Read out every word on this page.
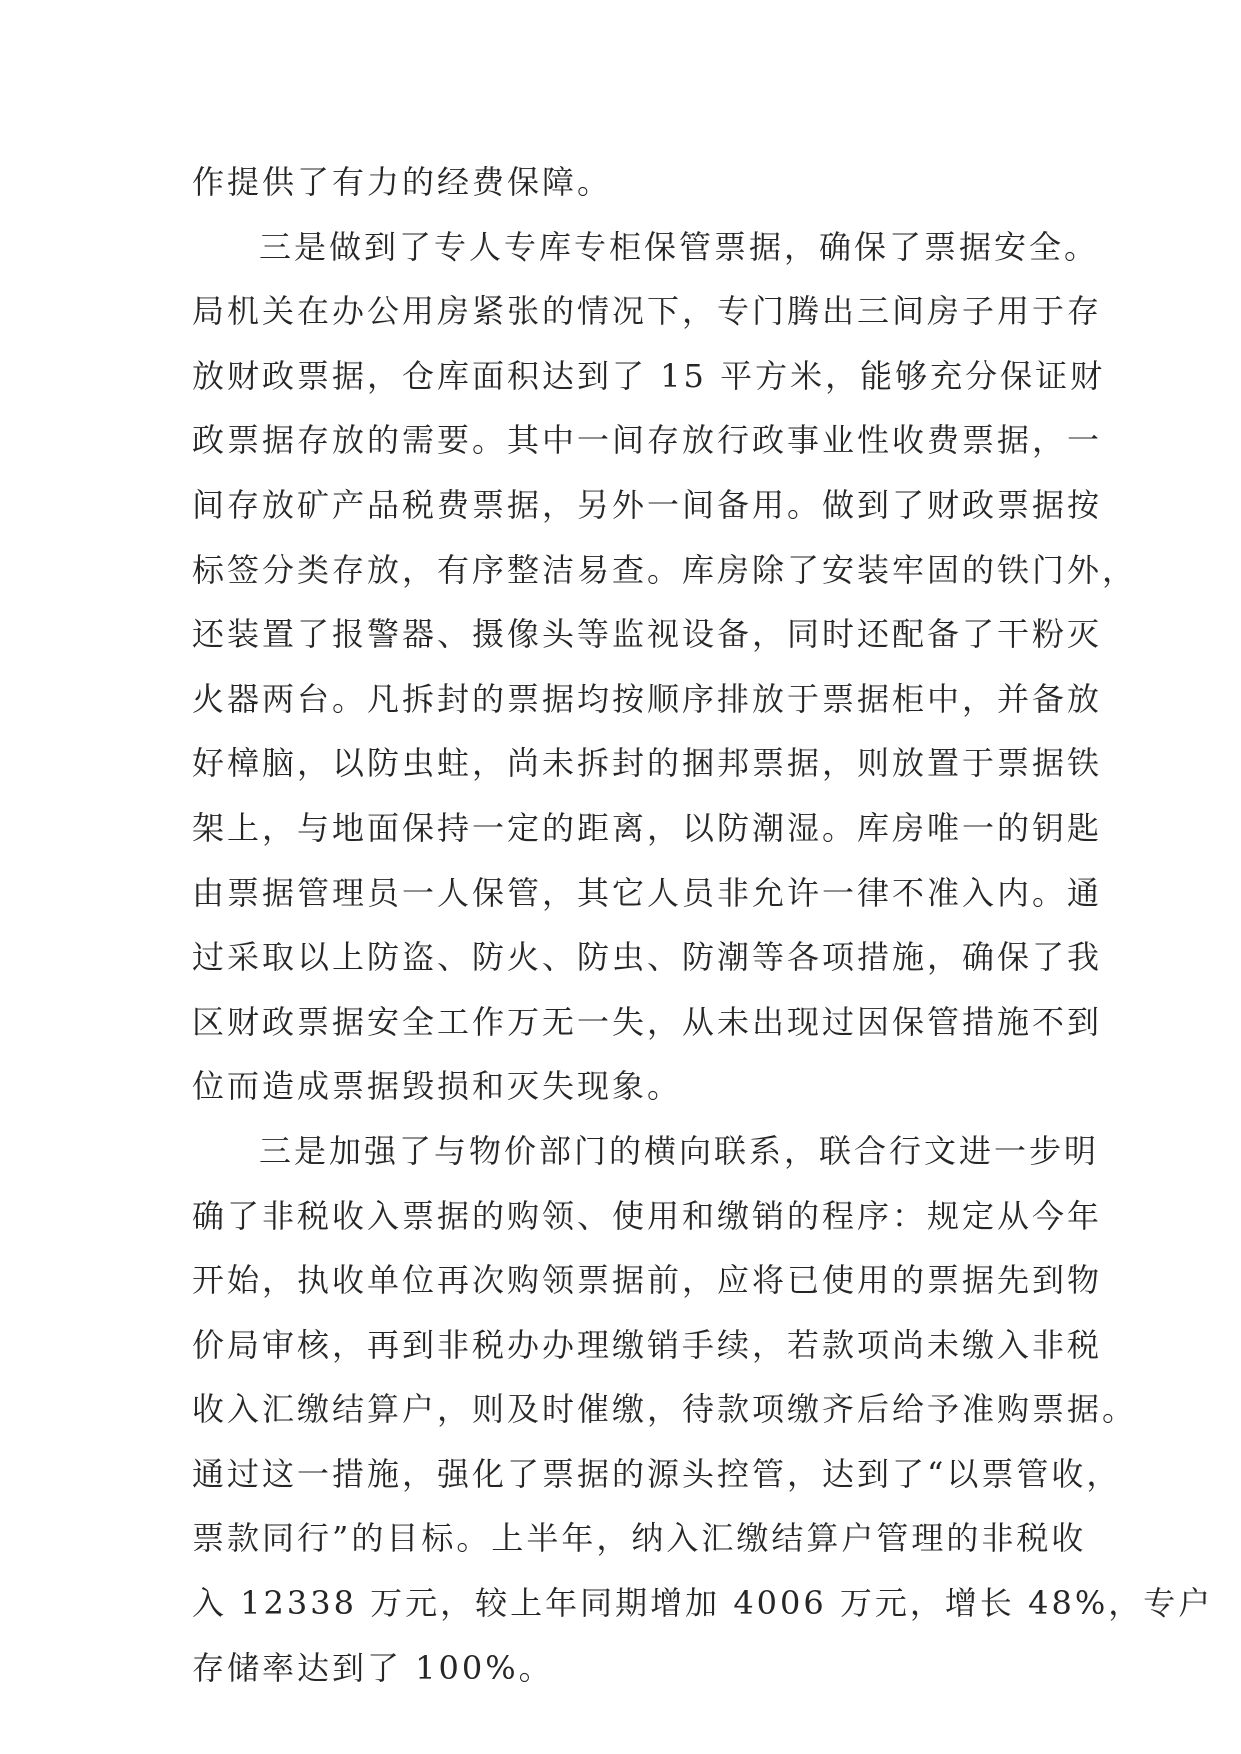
作提供了有力的经费保障。

三是做到了专人专库专柜保管票据，确保了票据安全。
局机关在办公用房紧张的情况下，专门腾出三间房子用于存
放财政票据，仓库面积达到了 15 平方米，能够充分保证财
政票据存放的需要。其中一间存放行政事业性收费票据，一
间存放矿产品税费票据，另外一间备用。做到了财政票据按
标签分类存放，有序整洁易查。库房除了安装牢固的铁门外，
还装置了报警器、摄像头等监视设备，同时还配备了干粉灭
火器两台。凡拆封的票据均按顺序排放于票据柜中，并备放
好樟脑，以防虫蛀，尚未拆封的捆邦票据，则放置于票据铁
架上，与地面保持一定的距离，以防潮湿。库房唯一的钥匙
由票据管理员一人保管，其它人员非允许一律不准入内。通
过采取以上防盗、防火、防虫、防潮等各项措施，确保了我
区财政票据安全工作万无一失，从未出现过因保管措施不到
位而造成票据毁损和灭失现象。

三是加强了与物价部门的横向联系，联合行文进一步明
确了非税收入票据的购领、使用和缴销的程序：规定从今年
开始，执收单位再次购领票据前，应将已使用的票据先到物
价局审核，再到非税办办理缴销手续，若款项尚未缴入非税
收入汇缴结算户，则及时催缴，待款项缴齐后给予准购票据。
通过这一措施，强化了票据的源头控管，达到了“以票管收，
票款同行”的目标。上半年，纳入汇缴结算户管理的非税收
入 12338 万元，较上年同期增加 4006 万元，增长 48%，专户
存储率达到了 100%。
